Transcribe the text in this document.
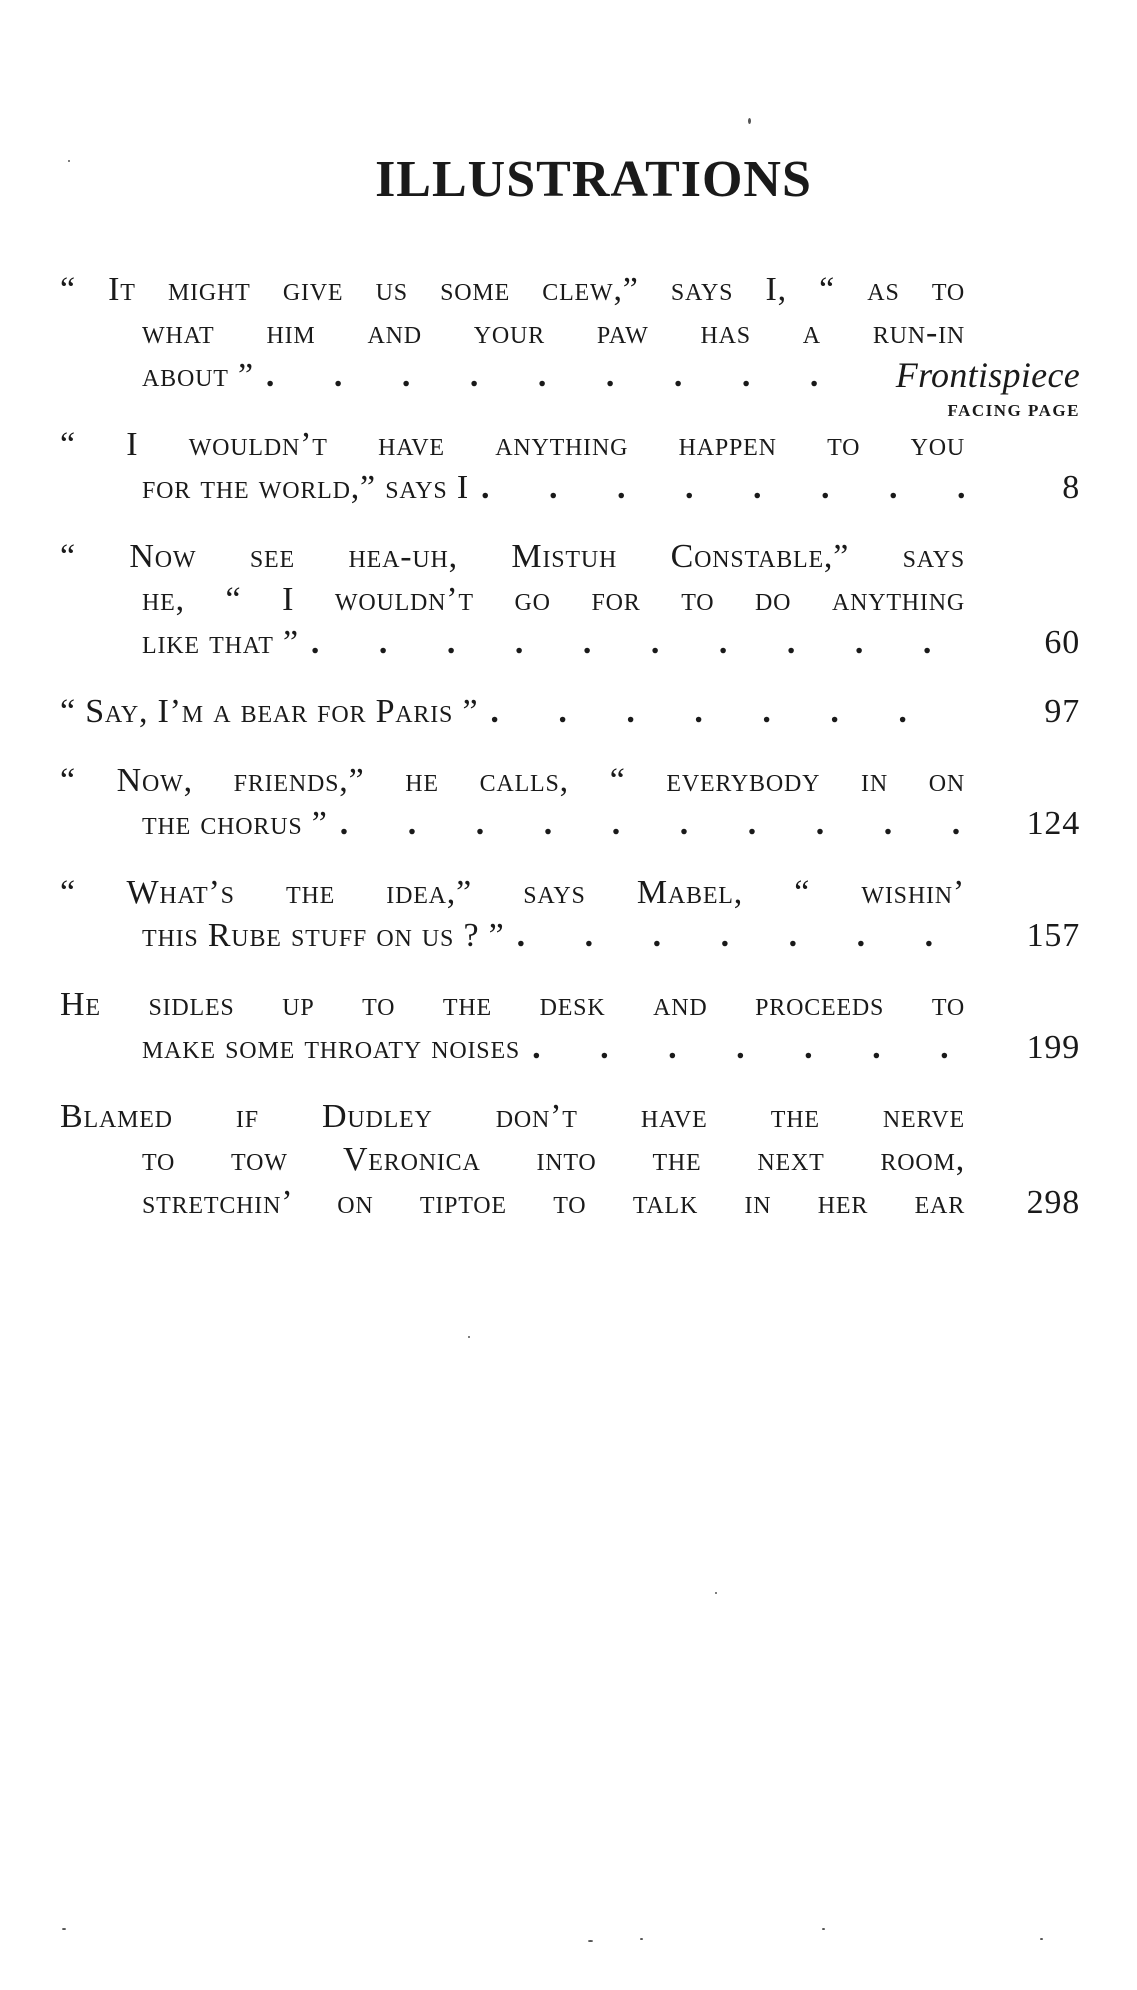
ILLUSTRATIONS
“ It might give us some clew,” says I, “ as to
what him and your paw has a run-in
about ” .	Frontispiece
FACING PAGE
“ I wouldn’t have anything happen to you
for the world,” says I .	8
“ Now see hea-uh, Mistuh Constable,” says
he, “ I wouldn’t go for to do anything
like that ” .	60
“ Say, I’m a bear for Paris ” .	97
“ Now, friends,” he calls, “ everybody in on
the chorus ” .	124
“ What’s the idea,” says Mabel, “ wishin’
this Rube stuff on us ? ” .	157
He sidles up to the desk and proceeds to
make some throaty noises .	199
Blamed if Dudley don’t have the nerve
to tow Veronica into the next room,
stretchin’ on tiptoe to talk in her ear	298
